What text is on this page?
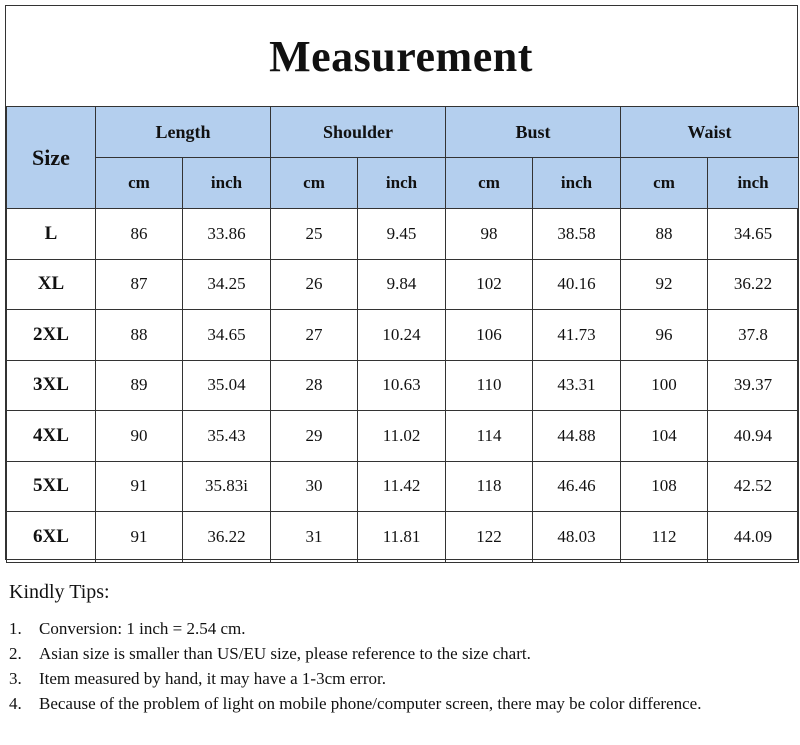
Measurement
Size	Length		Shoulder		Bust		Waist	
	cm	inch	cm	inch	cm	inch	cm	inch
L	86	33.86	25	9.45	98	38.58	88	34.65
XL	87	34.25	26	9.84	102	40.16	92	36.22
2XL	88	34.65	27	10.24	106	41.73	96	37.8
3XL	89	35.04	28	10.63	110	43.31	100	39.37
4XL	90	35.43	29	11.02	114	44.88	104	40.94
5XL	91	35.83i	30	11.42	118	46.46	108	42.52
6XL	91	36.22	31	11.81	122	48.03	112	44.09
Kindly Tips:
1.	Conversion: 1 inch = 2.54 cm.
2.	Asian size is smaller than US/EU size, please reference to the size chart.
3.	Item measured by hand, it may have a 1-3cm error.
4.	Because of the problem of light on mobile phone/computer screen, there may be color difference.
